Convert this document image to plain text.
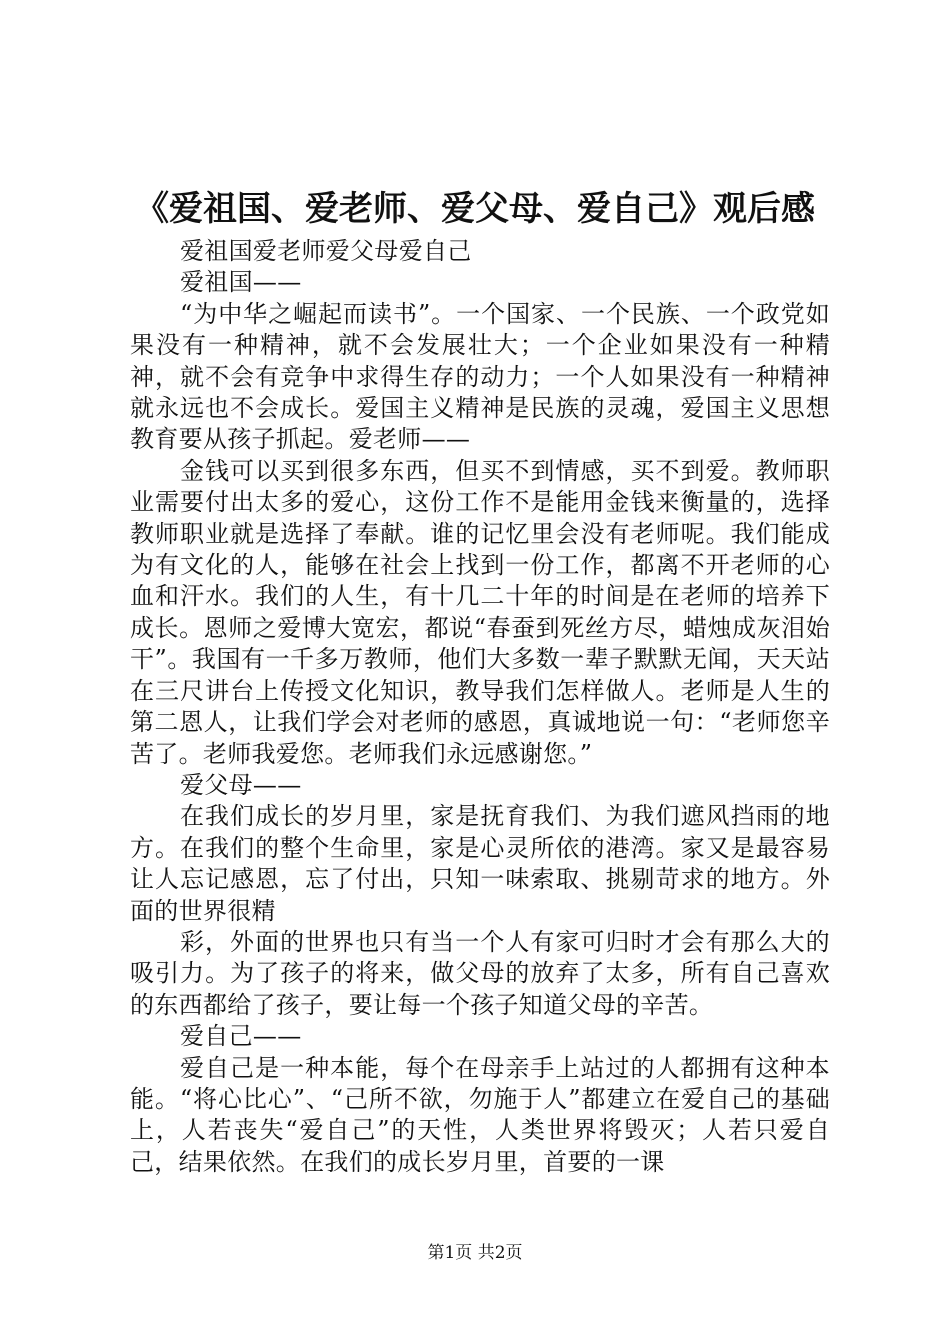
《爱祖国、爱老师、爱父母、爱自己》观后感

爱祖国爱老师爱父母爱自己

爱祖国——

“为中华之崛起而读书”。一个国家、一个民族、一个政党如果没有一种精神，就不会发展壮大；一个企业如果没有一种精神，就不会有竞争中求得生存的动力；一个人如果没有一种精神就永远也不会成长。爱国主义精神是民族的灵魂，爱国主义思想教育要从孩子抓起。爱老师——

金钱可以买到很多东西，但买不到情感，买不到爱。教师职业需要付出太多的爱心，这份工作不是能用金钱来衡量的，选择教师职业就是选择了奉献。谁的记忆里会没有老师呢。我们能成为有文化的人，能够在社会上找到一份工作，都离不开老师的心血和汗水。我们的人生，有十几二十年的时间是在老师的培养下成长。恩师之爱博大宽宏，都说“春蚕到死丝方尽，蜡烛成灰泪始干”。我国有一千多万教师，他们大多数一辈子默默无闻，天天站在三尺讲台上传授文化知识，教导我们怎样做人。老师是人生的第二恩人，让我们学会对老师的感恩，真诚地说一句：“老师您辛苦了。老师我爱您。老师我们永远感谢您。”

爱父母——

在我们成长的岁月里，家是抚育我们、为我们遮风挡雨的地方。在我们的整个生命里，家是心灵所依的港湾。家又是最容易让人忘记感恩，忘了付出，只知一味索取、挑剔苛求的地方。外面的世界很精

彩，外面的世界也只有当一个人有家可归时才会有那么大的吸引力。为了孩子的将来，做父母的放弃了太多，所有自己喜欢的东西都给了孩子，要让每一个孩子知道父母的辛苦。

爱自己——

爱自己是一种本能，每个在母亲手上站过的人都拥有这种本能。“将心比心”、“己所不欲，勿施于人”都建立在爱自己的基础上，人若丧失“爱自己”的天性，人类世界将毁灭；人若只爱自己，结果依然。在我们的成长岁月里，首要的一课

第1页 共2页
